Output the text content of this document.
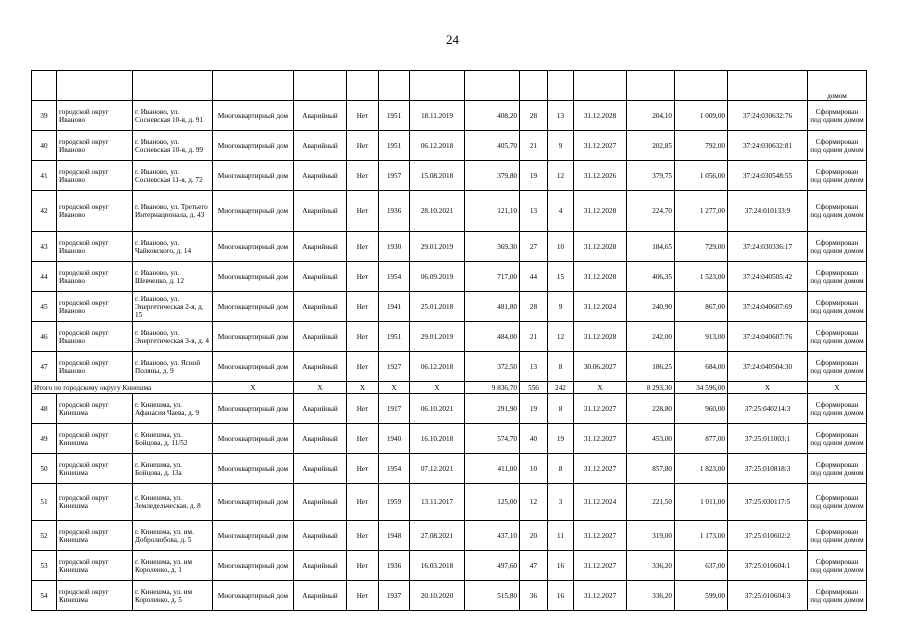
24
															домом
39	городской округ Иваново	г. Иваново, ул. Сосневская 10-я, д. 91	Многоквартирный дом	Аварийный	Нет	1951	18.11.2019	408,20	28	13	31.12.2028	204,10	1 009,00	37:24:030632:76	Сформирован под одним домом
40	городской округ Иваново	г. Иваново, ул. Сосневская 10-я, д. 99	Многоквартирный дом	Аварийный	Нет	1951	06.12.2018	405,70	21	9	31.12.2027	202,85	792,00	37:24:030632:81	Сформирован под одним домом
41	городской округ Иваново	г. Иваново, ул. Сосневская 11-я, д. 72	Многоквартирный дом	Аварийный	Нет	1957	15.08.2018	379,80	19	12	31.12.2026	379,75	1 056,00	37:24:030548:55	Сформирован под одним домом
42	городской округ Иваново	г. Иваново, ул. Третьего Интернационала, д. 43	Многоквартирный дом	Аварийный	Нет	1936	28.10.2021	121,10	13	4	31.12.2028	224,70	1 277,00	37:24:010133:9	Сформирован под одним домом
43	городской округ Иваново	г. Иваново, ул. Чайковского, д. 14	Многоквартирный дом	Аварийный	Нет	1930	29.01.2019	369,30	27	10	31.12.2028	184,65	729,00	37:24:030336:17	Сформирован под одним домом
44	городской округ Иваново	г. Иваново, ул. Шевченко, д. 12	Многоквартирный дом	Аварийный	Нет	1954	06.09.2019	717,00	44	15	31.12.2028	406,35	1 523,00	37:24:040505:42	Сформирован под одним домом
45	городской округ Иваново	г. Иваново, ул. Энергетическая 2-я, д. 15	Многоквартирный дом	Аварийный	Нет	1941	25.01.2018	481,80	28	9	31.12.2024	240,90	867,00	37:24:040607:69	Сформирован под одним домом
46	городской округ Иваново	г. Иваново, ул. Энергетическая 3-я, д. 4	Многоквартирный дом	Аварийный	Нет	1951	29.01.2019	484,00	21	12	31.12.2028	242,00	913,00	37:24:040607:76	Сформирован под одним домом
47	городской округ Иваново	г. Иваново, ул. Ясной Поляны, д. 9	Многоквартирный дом	Аварийный	Нет	1927	06.12.2018	372,50	13	8	30.06.2027	186,25	684,00	37:24:040504:30	Сформирован под одним домом
Итого по городскому округу Кинешма			X	X	X	X	X	9 836,70	556	242	X	8 293,30	34 596,00	X	X
48	городской округ Кинешма	г. Кинешма, ул. Афанасия Чаева, д. 9	Многоквартирный дом	Аварийный	Нет	1917	06.10.2021	291,90	19	8	31.12.2027	228,80	960,00	37:25:040214:3	Сформирован под одним домом
49	городской округ Кинешма	г. Кинешма, ул. Бойцова, д. 11/52	Многоквартирный дом	Аварийный	Нет	1940	16.10.2018	574,70	40	19	31.12.2027	453,00	877,00	37:25:011003:1	Сформирован под одним домом
50	городской округ Кинешма	г. Кинешма, ул. Бойцова, д. 13а	Многоквартирный дом	Аварийный	Нет	1954	07.12.2021	411,00	10	8	31.12.2027	857,80	1 823,00	37:25:010818:3	Сформирован под одним домом
51	городской округ Кинешма	г. Кинешма, ул. Земледельческая, д. 8	Многоквартирный дом	Аварийный	Нет	1959	13.11.2017	125,00	12	3	31.12.2024	221,50	1 011,00	37:25:030117:5	Сформирован под одним домом
52	городской округ Кинешма	г. Кинешма, ул. им. Добролюбова, д. 5	Многоквартирный дом	Аварийный	Нет	1948	27.08.2021	437,10	20	11	31.12.2027	319,00	1 173,00	37:25:010602:2	Сформирован под одним домом
53	городской округ Кинешма	г. Кинешма, ул. им Короленко, д. 1	Многоквартирный дом	Аварийный	Нет	1936	16.03.2018	497,60	47	16	31.12.2027	336,20	637,00	37:25:010604:1	Сформирован под одним домом
54	городской округ Кинешма	г. Кинешма, ул. им Короленко, д. 5	Многоквартирный дом	Аварийный	Нет	1937	20.10.2020	515,80	36	16	31.12.2027	336,20	599,00	37:25:010604:3	Сформирован под одним домом
